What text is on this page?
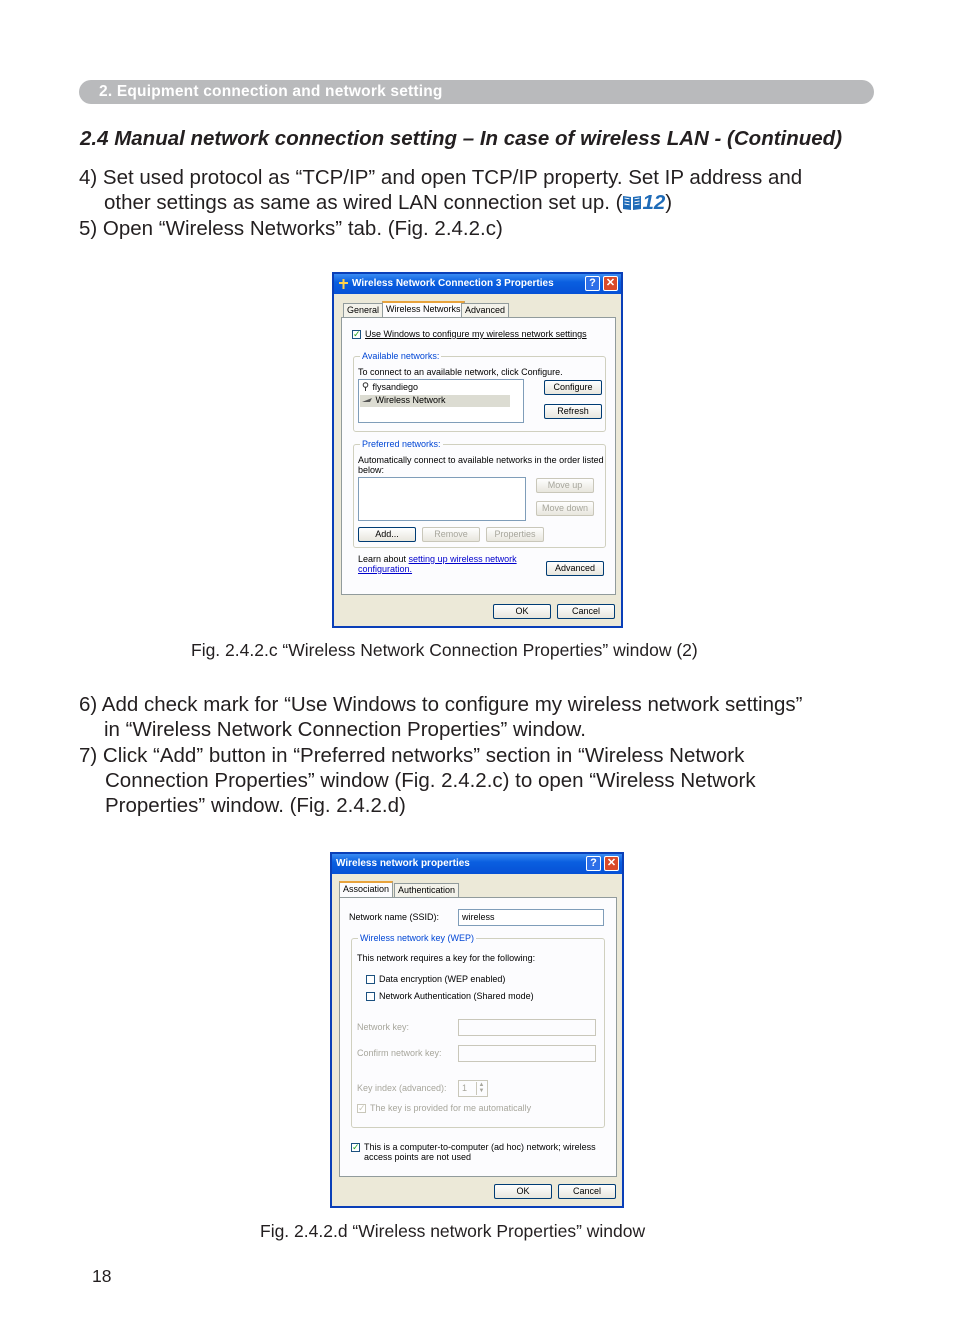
2. Equipment connection and network setting
2.4 Manual network connection setting – In case of wireless LAN - (Continued)
4) Set used protocol as “TCP/IP” and open TCP/IP property. Set IP address and
other settings as same as wired LAN connection set up. ( 12)
5) Open “Wireless Networks” tab. (Fig. 2.4.2.c)
Wireless Network Connection 3 Properties	? ✕
General Wireless Networks Advanced
✓ Use Windows to configure my wireless network settings
Available networks:
To connect to an available network, click Configure.
flysandiego
Wireless Network
Configure
Refresh
Preferred networks:
Automatically connect to available networks in the order listed
below:
Move up
Move down
Add...	Remove	Properties
Learn about setting up wireless network
configuration.	Advanced
OK	Cancel
Fig. 2.4.2.c “Wireless Network Connection Properties” window (2)
6) Add check mark for “Use Windows to configure my wireless network settings”
in “Wireless Network Connection Properties” window.
7) Click “Add” button in “Preferred networks” section in “Wireless Network
Connection Properties” window (Fig. 2.4.2.c) to open “Wireless Network
Properties” window. (Fig. 2.4.2.d)
Wireless network properties	? ✕
Association Authentication
Network name (SSID):	wireless
Wireless network key (WEP)
This network requires a key for the following:
Data encryption (WEP enabled)
Network Authentication (Shared mode)
Network key:
Confirm network key:
Key index (advanced): 1	▲
▼
✓ The key is provided for me automatically
✓ This is a computer-to-computer (ad hoc) network; wireless
access points are not used
OK	Cancel
Fig. 2.4.2.d “Wireless network Properties” window
18
